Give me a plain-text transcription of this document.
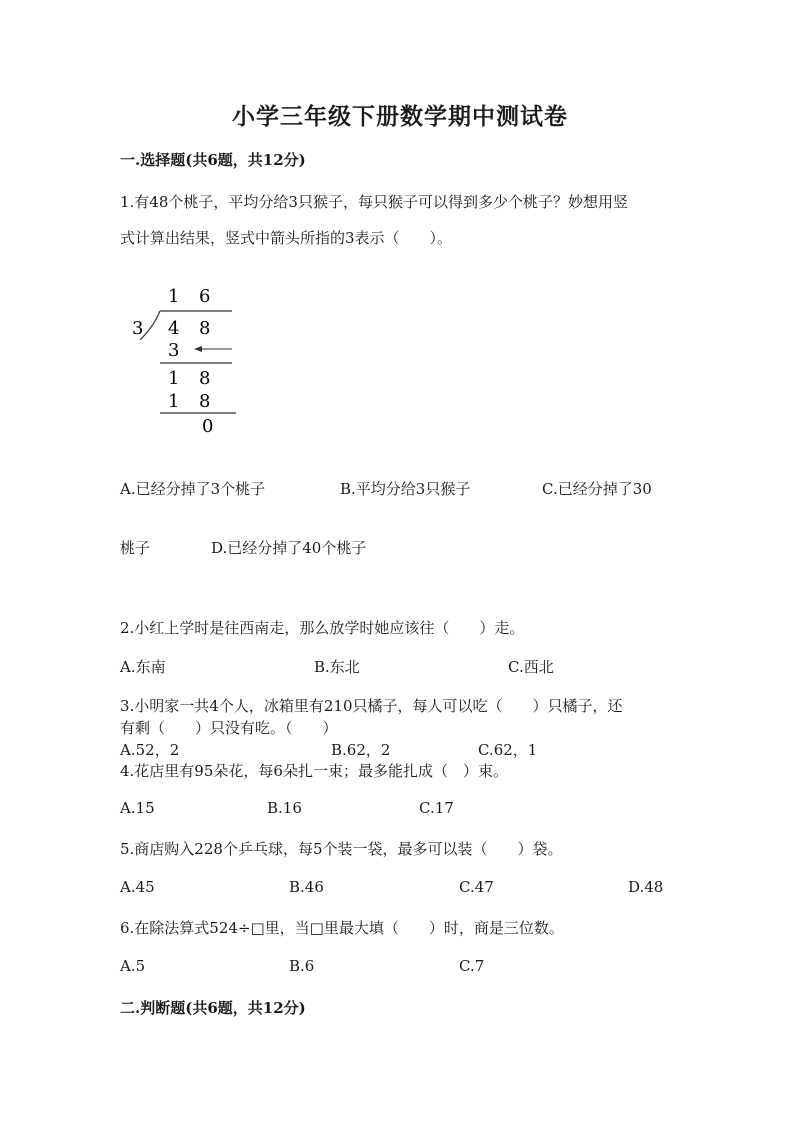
小学三年级下册数学期中测试卷
一.选择题(共6题，共12分)
1.有48个桃子，平均分给3只猴子，每只猴子可以得到多少个桃子？妙想用竖
式计算出结果，竖式中箭头所指的3表示（　　）。
1 6
3 4 8
3
1 8
1 8
0
A.已经分掉了3个桃子	B.平均分给3只猴子	C.已经分掉了30
桃子	D.已经分掉了40个桃子
2.小红上学时是往西南走，那么放学时她应该往（　　）走。
A.东南	B.东北	C.西北
3.小明家一共4个人，冰箱里有210只橘子，每人可以吃（　　）只橘子，还
有剩（　　）只没有吃。（　　）
A.52，2	B.62，2	C.62，1
4.花店里有95朵花，每6朵扎一束；最多能扎成（　）束。
A.15	B.16	C.17
5.商店购入228个乒乓球，每5个装一袋，最多可以装（　　）袋。
A.45	B.46	C.47	D.48
6.在除法算式524÷□里，当□里最大填（　　）时，商是三位数。
A.5	B.6	C.7
二.判断题(共6题，共12分)
